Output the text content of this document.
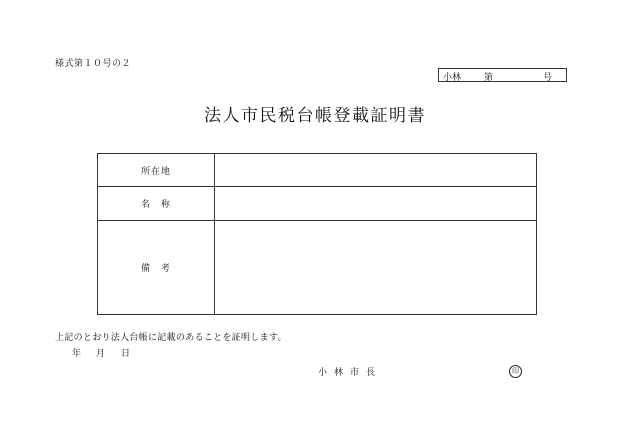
様式第１０号の２
小林	第	号
法人市民税台帳登載証明書
所在地	
名　称	
備　考	
上記のとおり法人台帳に記載のあることを証明します。
年 月 日
小林市長	印
